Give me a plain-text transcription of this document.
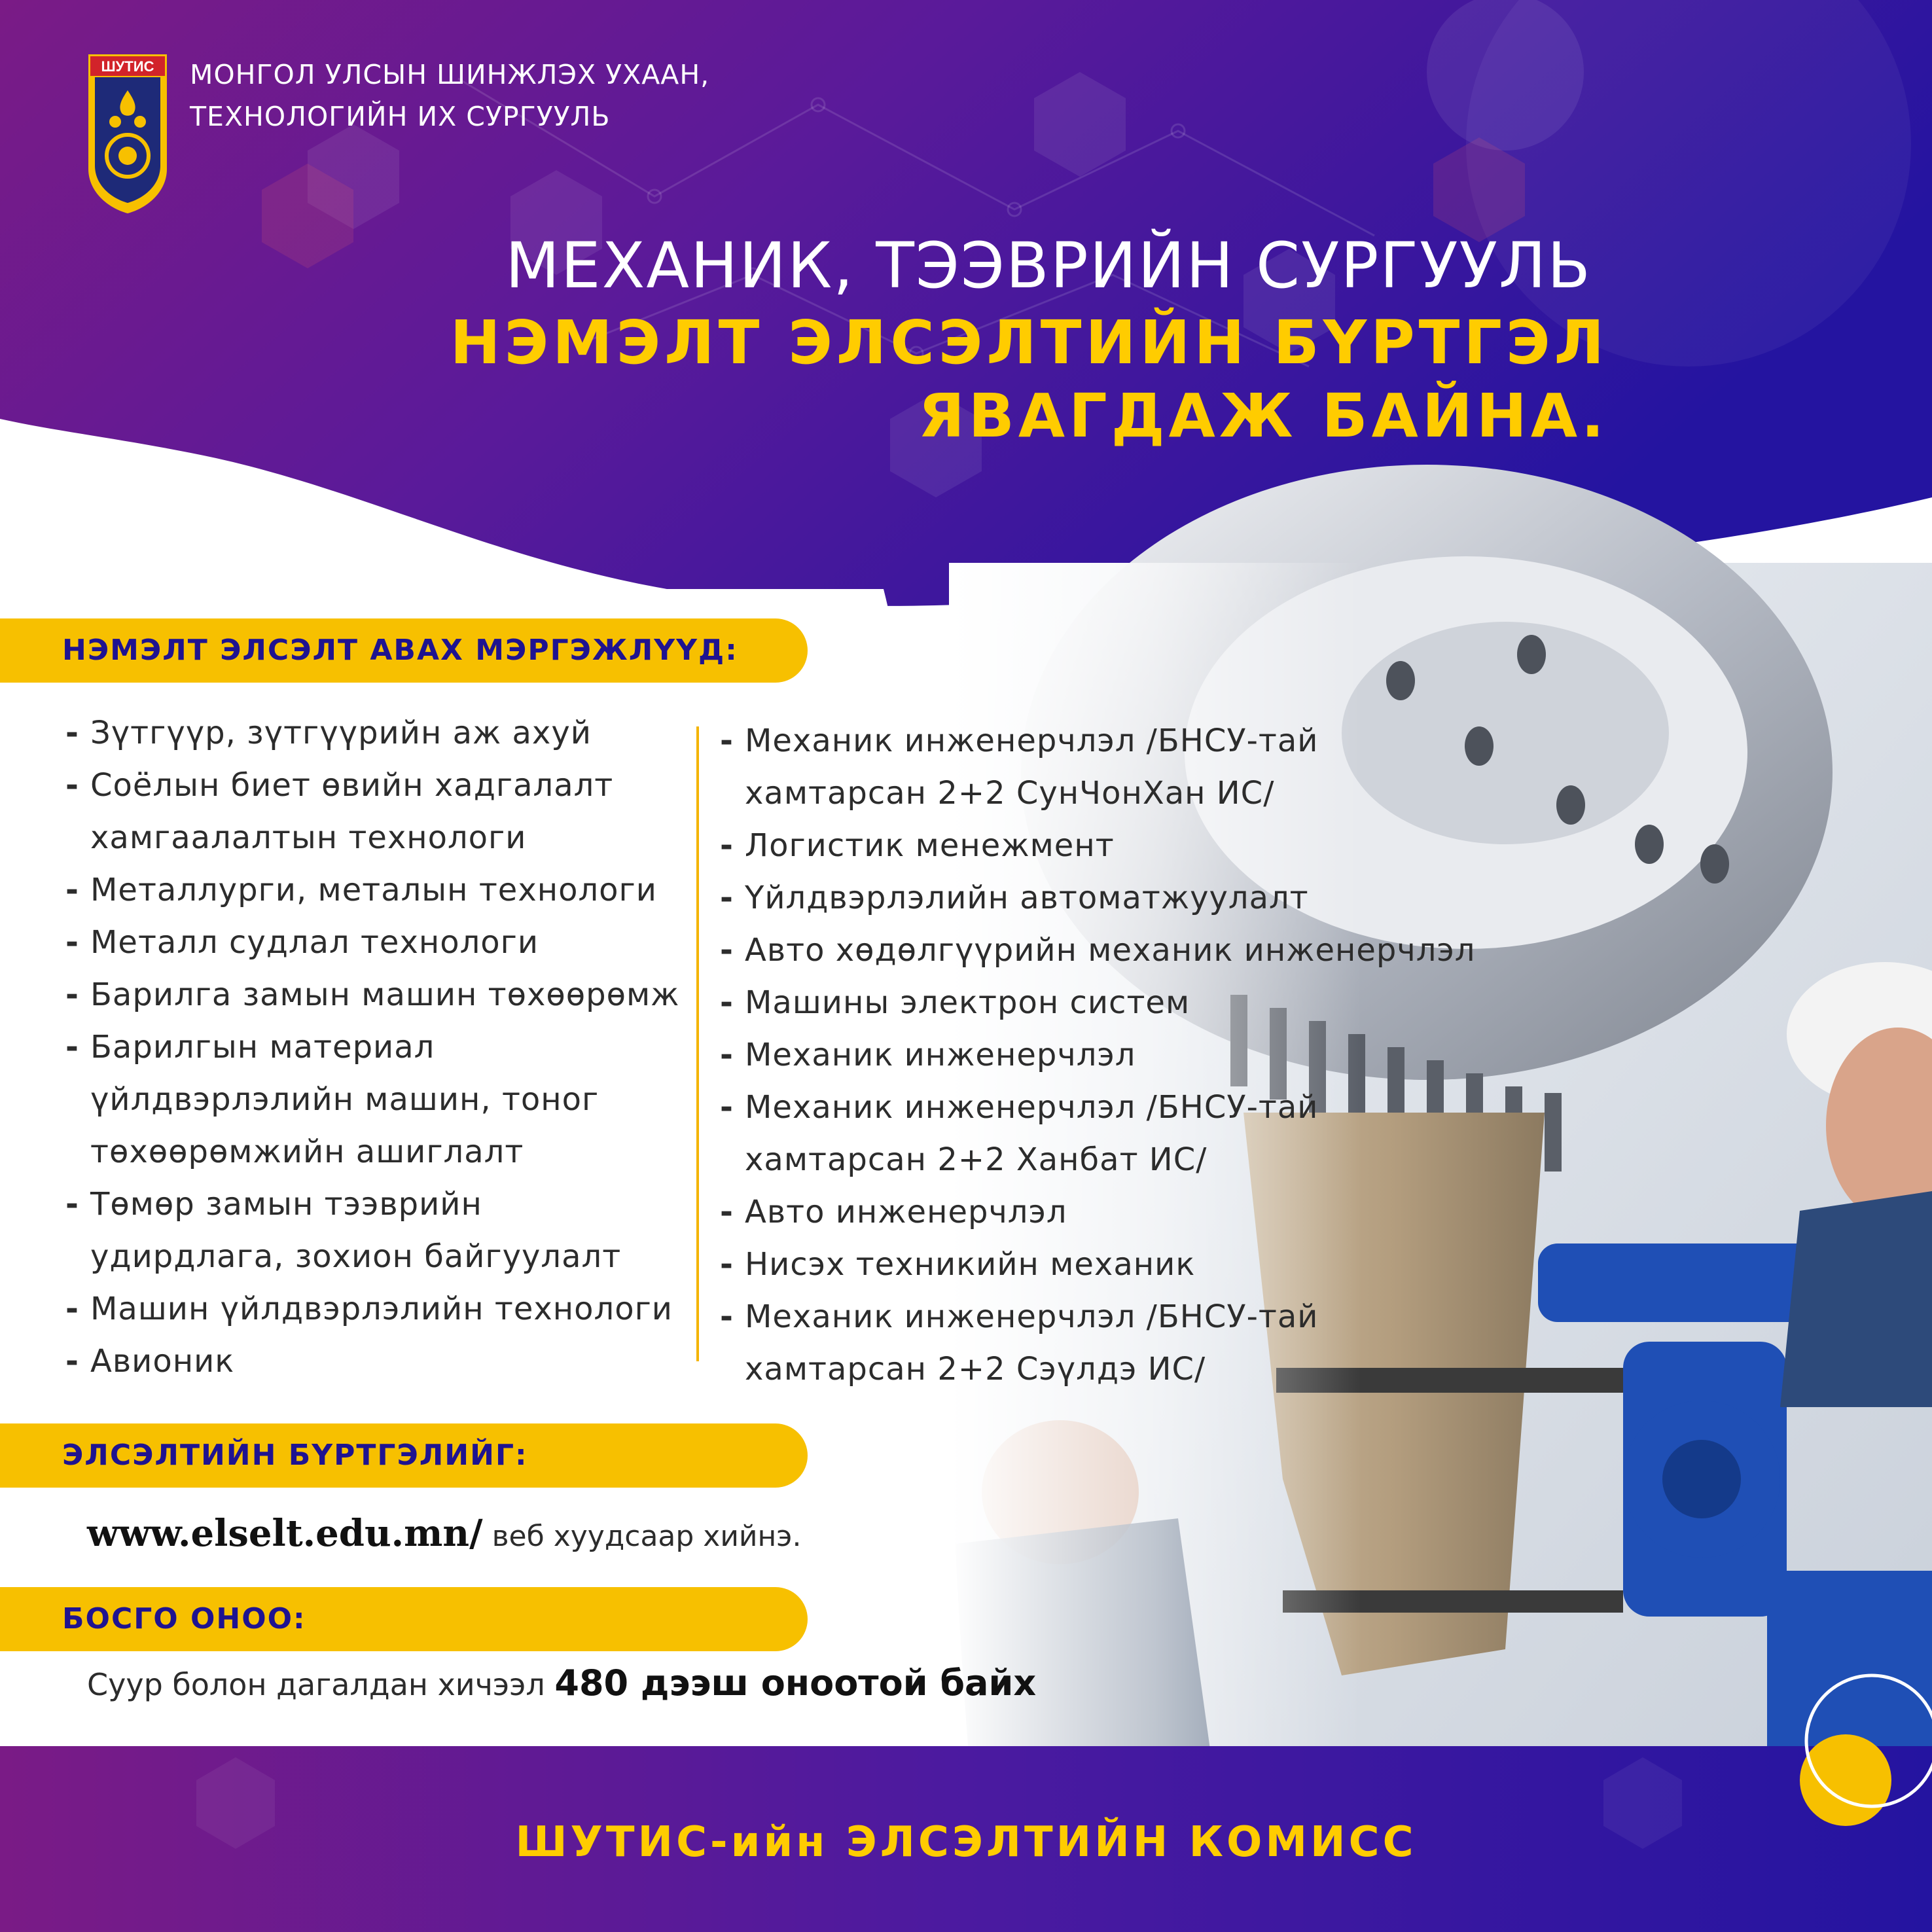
ШУТИС МОНГОЛ УЛСЫН ШИНЖЛЭХ УХААН,
ТЕХНОЛОГИЙН ИХ СУРГУУЛЬ
МЕХАНИК, ТЭЭВРИЙН СУРГУУЛЬ
НЭМЭЛТ ЭЛСЭЛТИЙН БҮРТГЭЛ
ЯВАГДАЖ БАЙНА.
НЭМЭЛТ ЭЛСЭЛТ АВАХ МЭРГЭЖЛҮҮД:
ЭЛСЭЛТИЙН БҮРТГЭЛИЙГ:
БОСГО ОНОО:
- Зүтгүүр, зүтгүүрийн аж ахуй
- Соёлын биет өвийн хадгалалт
хамгаалалтын технологи
- Металлурги, металын технологи
- Металл судлал технологи
- Барилга замын машин төхөөрөмж
- Барилгын материал
үйлдвэрлэлийн машин, тоног
төхөөрөмжийн ашиглалт
- Төмөр замын тээврийн
удирдлага, зохион байгуулалт
- Машин үйлдвэрлэлийн технологи
- Авионик
- Механик инженерчлэл /БНСУ-тай
хамтарсан 2+2 СунЧонХан ИС/
- Логистик менежмент
- Үйлдвэрлэлийн автоматжуулалт
- Авто хөдөлгүүрийн механик инженерчлэл
- Машины электрон систем
- Механик инженерчлэл
- Механик инженерчлэл /БНСУ-тай
хамтарсан 2+2 Ханбат ИС/
- Авто инженерчлэл
- Нисэх техникийн механик
- Механик инженерчлэл /БНСУ-тай
хамтарсан 2+2 Сэүлдэ ИС/
www.elselt.edu.mn/ веб хуудсаар хийнэ.
Суур болон дагалдан хичээл 480 дээш оноотой байх
ШУТИС-ийн ЭЛСЭЛТИЙН КОМИСС
